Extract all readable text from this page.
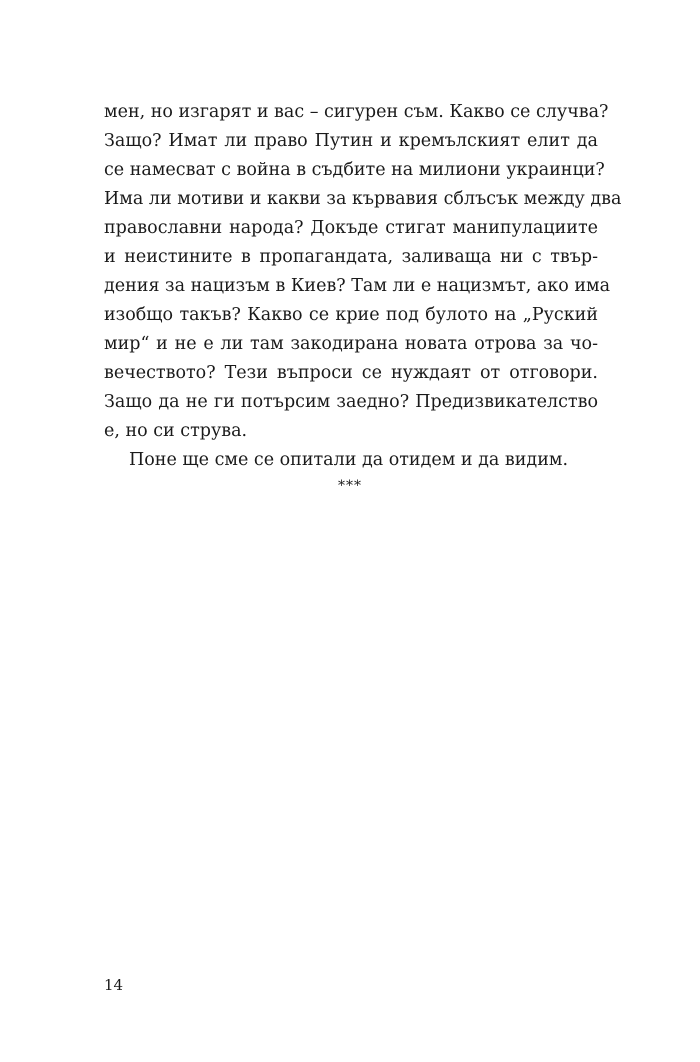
мен, но изгарят и вас – сигурен съм. Какво се случва?
Защо? Имат ли право Путин и кремълският елит да
се намесват с война в съдбите на милиони украинци?
Има ли мотиви и какви за кървавия сблъсък между два
православни народа? Докъде стигат манипулациите
и неистините в пропагандата, заливаща ни с твър-
дения за нацизъм в Киев? Там ли е нацизмът, ако има
изобщо такъв? Какво се крие под булото на „Руский
мир“ и не е ли там закодирана новата отрова за чо-
вечеството? Тези въпроси се нуждаят от отговори.
Защо да не ги потърсим заедно? Предизвикателство
е, но си струва.

Поне ще сме се опитали да отидем и да видим.

***
14
